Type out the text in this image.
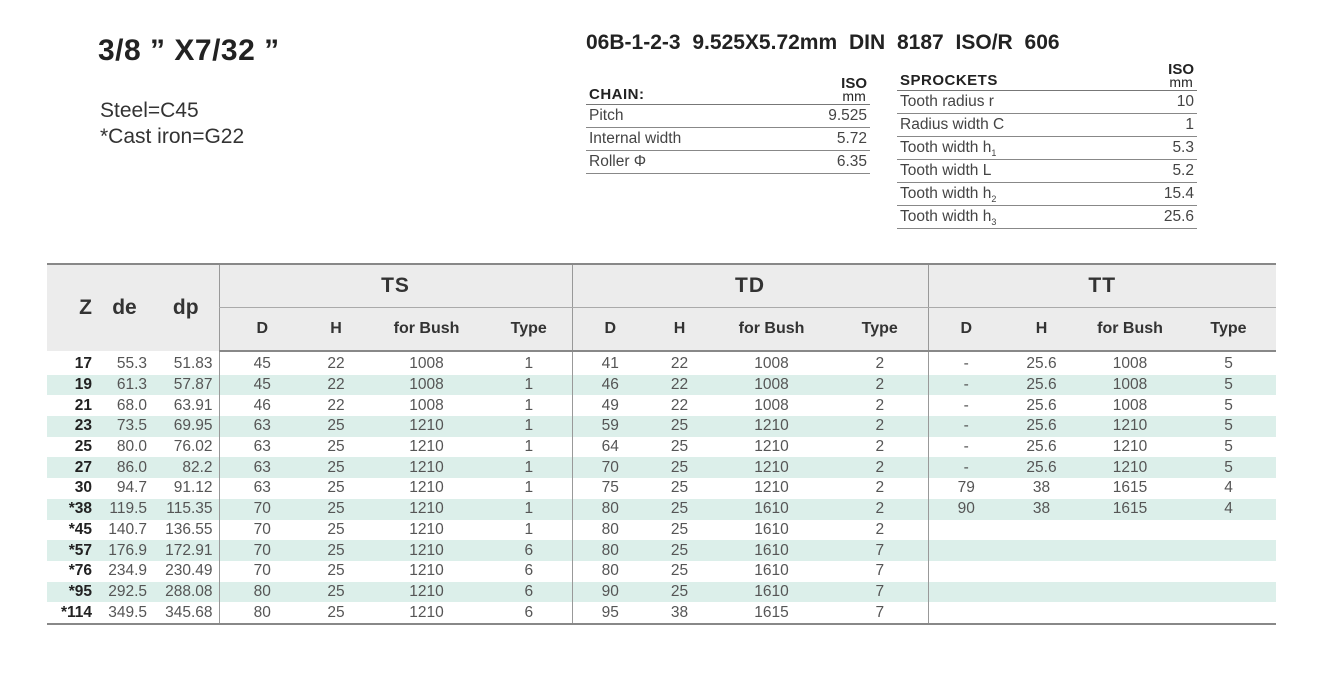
3/8 ” X7/32 ”
Steel=C45
*Cast iron=G22
06B-1-2-3 9.525X5.72mm DIN 8187 ISO/R 606
CHAIN:
ISO
mm
Pitch	9.525
Internal width	5.72
Roller Φ	6.35
SPROCKETS
ISO
mm
Tooth radius r	10
Radius width C	1
Tooth width $h_1$	5.3
Tooth width L	5.2
Tooth width $h_2$	15.4
Tooth width $h_3$	25.6
Z	de	dp	TS				TD				TT			
			D	H	for Bush	Type	D	H	for Bush	Type	D	H	for Bush	Type
17	55.3	51.83	45	22	1008	1	41	22	1008	2	-	25.6	1008	5
19	61.3	57.87	45	22	1008	1	46	22	1008	2	-	25.6	1008	5
21	68.0	63.91	46	22	1008	1	49	22	1008	2	-	25.6	1008	5
23	73.5	69.95	63	25	1210	1	59	25	1210	2	-	25.6	1210	5
25	80.0	76.02	63	25	1210	1	64	25	1210	2	-	25.6	1210	5
27	86.0	82.2	63	25	1210	1	70	25	1210	2	-	25.6	1210	5
30	94.7	91.12	63	25	1210	1	75	25	1210	2	79	38	1615	4
*38	119.5	115.35	70	25	1210	1	80	25	1610	2	90	38	1615	4
*45	140.7	136.55	70	25	1210	1	80	25	1610	2				
*57	176.9	172.91	70	25	1210	6	80	25	1610	7				
*76	234.9	230.49	70	25	1210	6	80	25	1610	7				
*95	292.5	288.08	80	25	1210	6	90	25	1610	7				
*114	349.5	345.68	80	25	1210	6	95	38	1615	7				
